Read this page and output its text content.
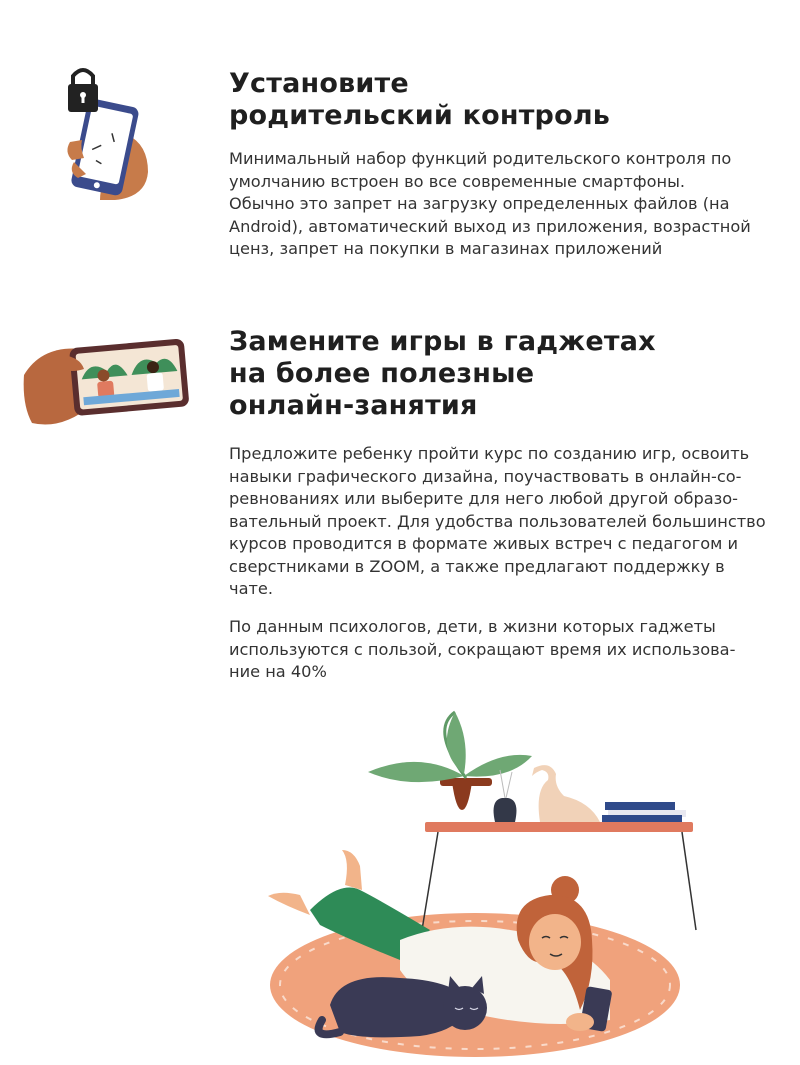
Установите

родительский контроль

Минимальный набор функций родительского контроля по

умолчанию встроен во все современные смартфоны.

Обычно это запрет на загрузку определенных файлов (на

Android), автоматический выход из приложения, возрастной

ценз, запрет на покупки в магазинах приложений

Замените игры в гаджетах

на более полезные

онлайн-занятия

Предложите ребенку пройти курс по созданию игр, освоить

навыки графического дизайна, поучаствовать в онлайн-со-

ревнованиях или выберите для него любой другой образо-

вательный проект. Для удобства пользователей большинство

курсов проводится в формате живых встреч с педагогом и

сверстниками в ZOOM, а также предлагают поддержку в

чате.

По данным психологов, дети, в жизни которых гаджеты

используются с пользой, сокращают время их использова-

ние на 40%
